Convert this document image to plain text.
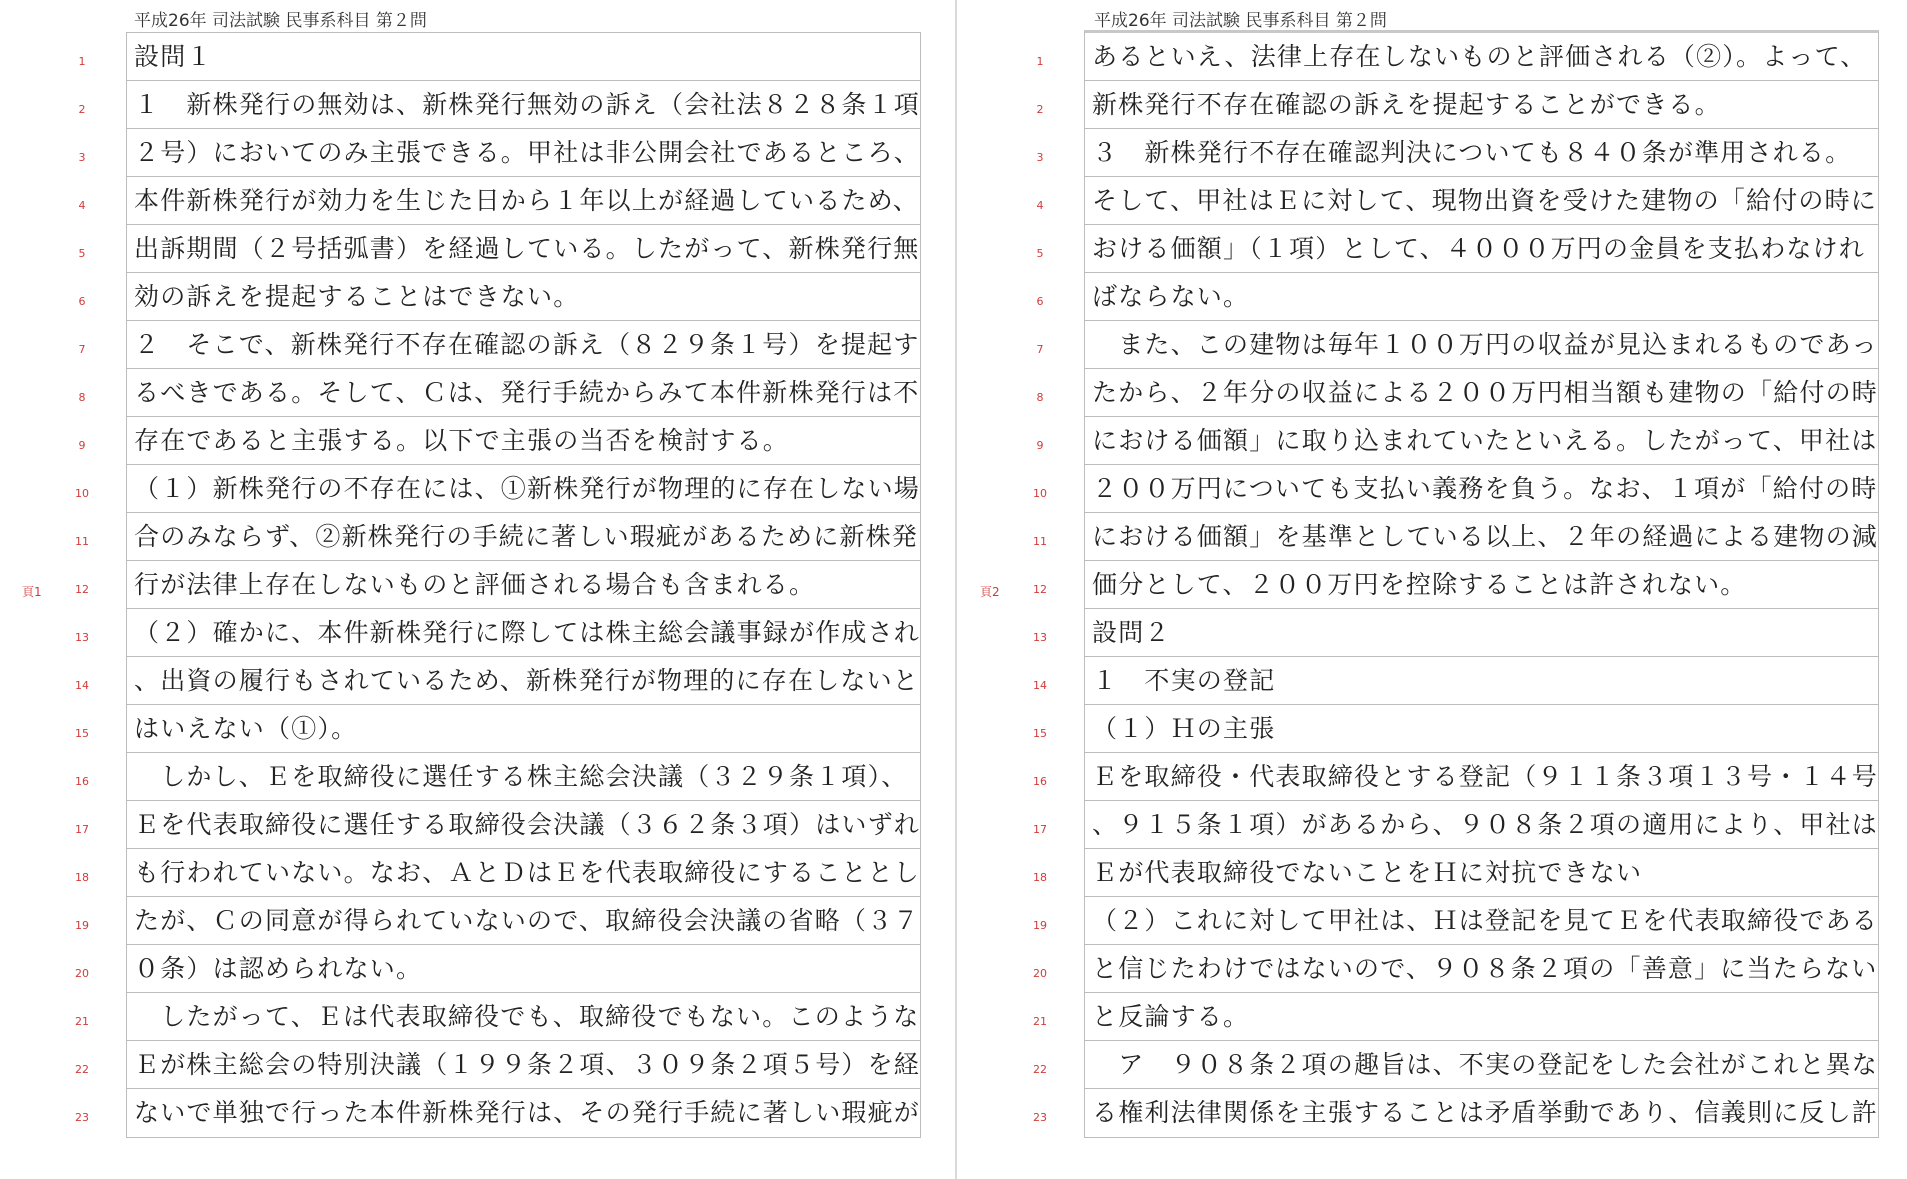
平成26年 司法試験 民事系科目 第２問
頁1
1
2
3
4
5
6
7
8
9
10
11
12
13
14
15
16
17
18
19
20
21
22
23
設問１
１　新株発行の無効は、新株発行無効の訴え（会社法８２８条１項
２号）においてのみ主張できる。甲社は非公開会社であるところ、
本件新株発行が効力を生じた日から１年以上が経過しているため、
出訴期間（２号括弧書）を経過している。したがって、新株発行無
効の訴えを提起することはできない。
２　そこで、新株発行不存在確認の訴え（８２９条１号）を提起す
るべきである。そして、Ｃは、発行手続からみて本件新株発行は不
存在であると主張する。以下で主張の当否を検討する。
（１）新株発行の不存在には、①新株発行が物理的に存在しない場
合のみならず、②新株発行の手続に著しい瑕疵があるために新株発
行が法律上存在しないものと評価される場合も含まれる。
（２）確かに、本件新株発行に際しては株主総会議事録が作成され
、出資の履行もされているため、新株発行が物理的に存在しないと
はいえない（①）。
　しかし、Ｅを取締役に選任する株主総会決議（３２９条１項）、
Ｅを代表取締役に選任する取締役会決議（３６２条３項）はいずれ
も行われていない。なお、ＡとＤはＥを代表取締役にすることとし
たが、Ｃの同意が得られていないので、取締役会決議の省略（３７
０条）は認められない。
　したがって、Ｅは代表取締役でも、取締役でもない。このような
Ｅが株主総会の特別決議（１９９条２項、３０９条２項５号）を経
ないで単独で行った本件新株発行は、その発行手続に著しい瑕疵が
平成26年 司法試験 民事系科目 第２問
頁2
1
2
3
4
5
6
7
8
9
10
11
12
13
14
15
16
17
18
19
20
21
22
23
あるといえ、法律上存在しないものと評価される（②）。よって、
新株発行不存在確認の訴えを提起することができる。
３　新株発行不存在確認判決についても８４０条が準用される。
そして、甲社はＥに対して、現物出資を受けた建物の「給付の時に
おける価額」（１項）として、４０００万円の金員を支払わなけれ
ばならない。
　また、この建物は毎年１００万円の収益が見込まれるものであっ
たから、２年分の収益による２００万円相当額も建物の「給付の時
における価額」に取り込まれていたといえる。したがって、甲社は
２００万円についても支払い義務を負う。なお、１項が「給付の時
における価額」を基準としている以上、２年の経過による建物の減
価分として、２００万円を控除することは許されない。
設問２
１　不実の登記
（１）Ｈの主張
Ｅを取締役・代表取締役とする登記（９１１条３項１３号・１４号
、９１５条１項）があるから、９０８条２項の適用により、甲社は
Ｅが代表取締役でないことをＨに対抗できない
（２）これに対して甲社は、Ｈは登記を見てＥを代表取締役である
と信じたわけではないので、９０８条２項の「善意」に当たらない
と反論する。
　ア　９０８条２項の趣旨は、不実の登記をした会社がこれと異な
る権利法律関係を主張することは矛盾挙動であり、信義則に反し許
